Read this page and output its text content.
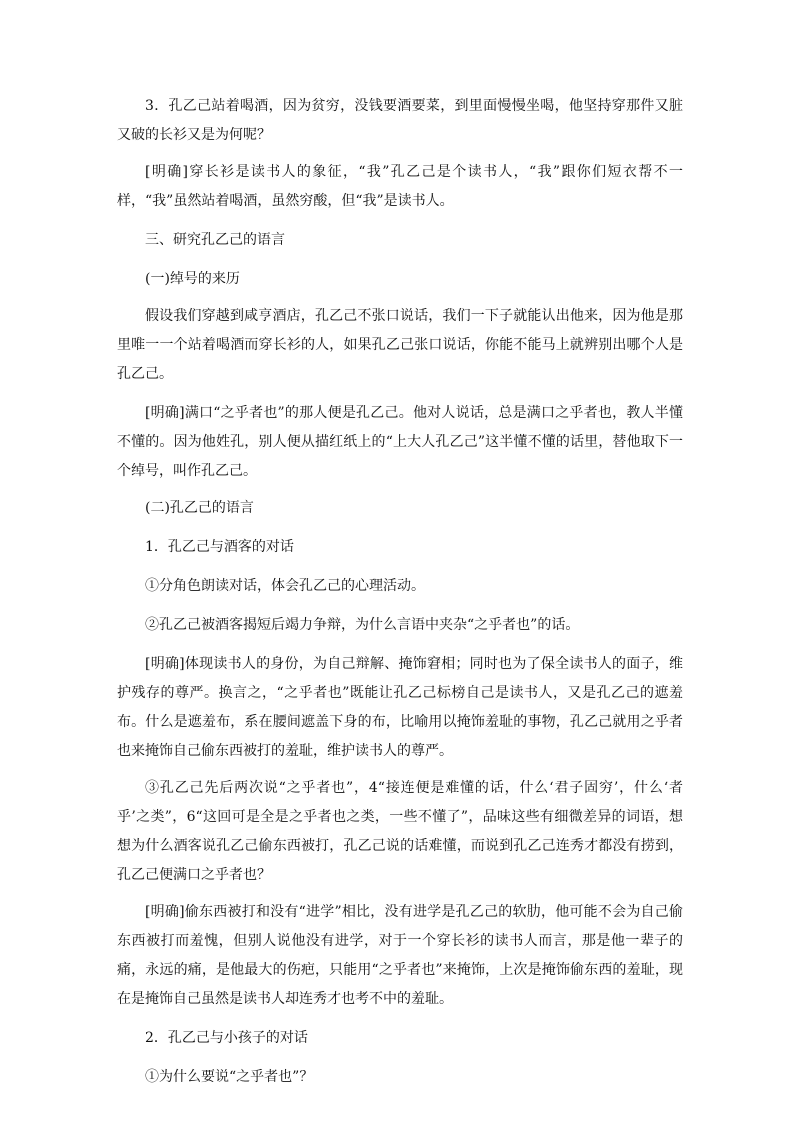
3．孔乙己站着喝酒，因为贫穷，没钱要酒要菜，到里面慢慢坐喝，他坚持穿那件又脏又破的长衫又是为何呢？

[明确]穿长衫是读书人的象征，“我”孔乙己是个读书人，“我”跟你们短衣帮不一样，“我”虽然站着喝酒，虽然穷酸，但“我”是读书人。

三、研究孔乙己的语言

(一)绰号的来历

假设我们穿越到咸亨酒店，孔乙己不张口说话，我们一下子就能认出他来，因为他是那里唯一一个站着喝酒而穿长衫的人，如果孔乙己张口说话，你能不能马上就辨别出哪个人是孔乙己。

[明确]满口“之乎者也”的那人便是孔乙己。他对人说话，总是满口之乎者也，教人半懂不懂的。因为他姓孔，别人便从描红纸上的“上大人孔乙己”这半懂不懂的话里，替他取下一个绰号，叫作孔乙己。

(二)孔乙己的语言

1．孔乙己与酒客的对话

①分角色朗读对话，体会孔乙己的心理活动。

②孔乙己被酒客揭短后竭力争辩，为什么言语中夹杂“之乎者也”的话。

[明确]体现读书人的身份，为自己辩解、掩饰窘相；同时也为了保全读书人的面子，维护残存的尊严。换言之，“之乎者也”既能让孔乙己标榜自己是读书人，又是孔乙己的遮羞布。什么是遮羞布，系在腰间遮盖下身的布，比喻用以掩饰羞耻的事物，孔乙己就用之乎者也来掩饰自己偷东西被打的羞耻，维护读书人的尊严。

③孔乙己先后两次说“之乎者也”，4“接连便是难懂的话，什么‘君子固穷’，什么‘者乎’之类”，6“这回可是全是之乎者也之类，一些不懂了”，品味这些有细微差异的词语，想想为什么酒客说孔乙己偷东西被打，孔乙己说的话难懂，而说到孔乙己连秀才都没有捞到，孔乙己便满口之乎者也？

[明确]偷东西被打和没有“进学”相比，没有进学是孔乙己的软肋，他可能不会为自己偷东西被打而羞愧，但别人说他没有进学，对于一个穿长衫的读书人而言，那是他一辈子的痛，永远的痛，是他最大的伤疤，只能用“之乎者也”来掩饰，上次是掩饰偷东西的羞耻，现在是掩饰自己虽然是读书人却连秀才也考不中的羞耻。

2．孔乙己与小孩子的对话

①为什么要说“之乎者也”？
